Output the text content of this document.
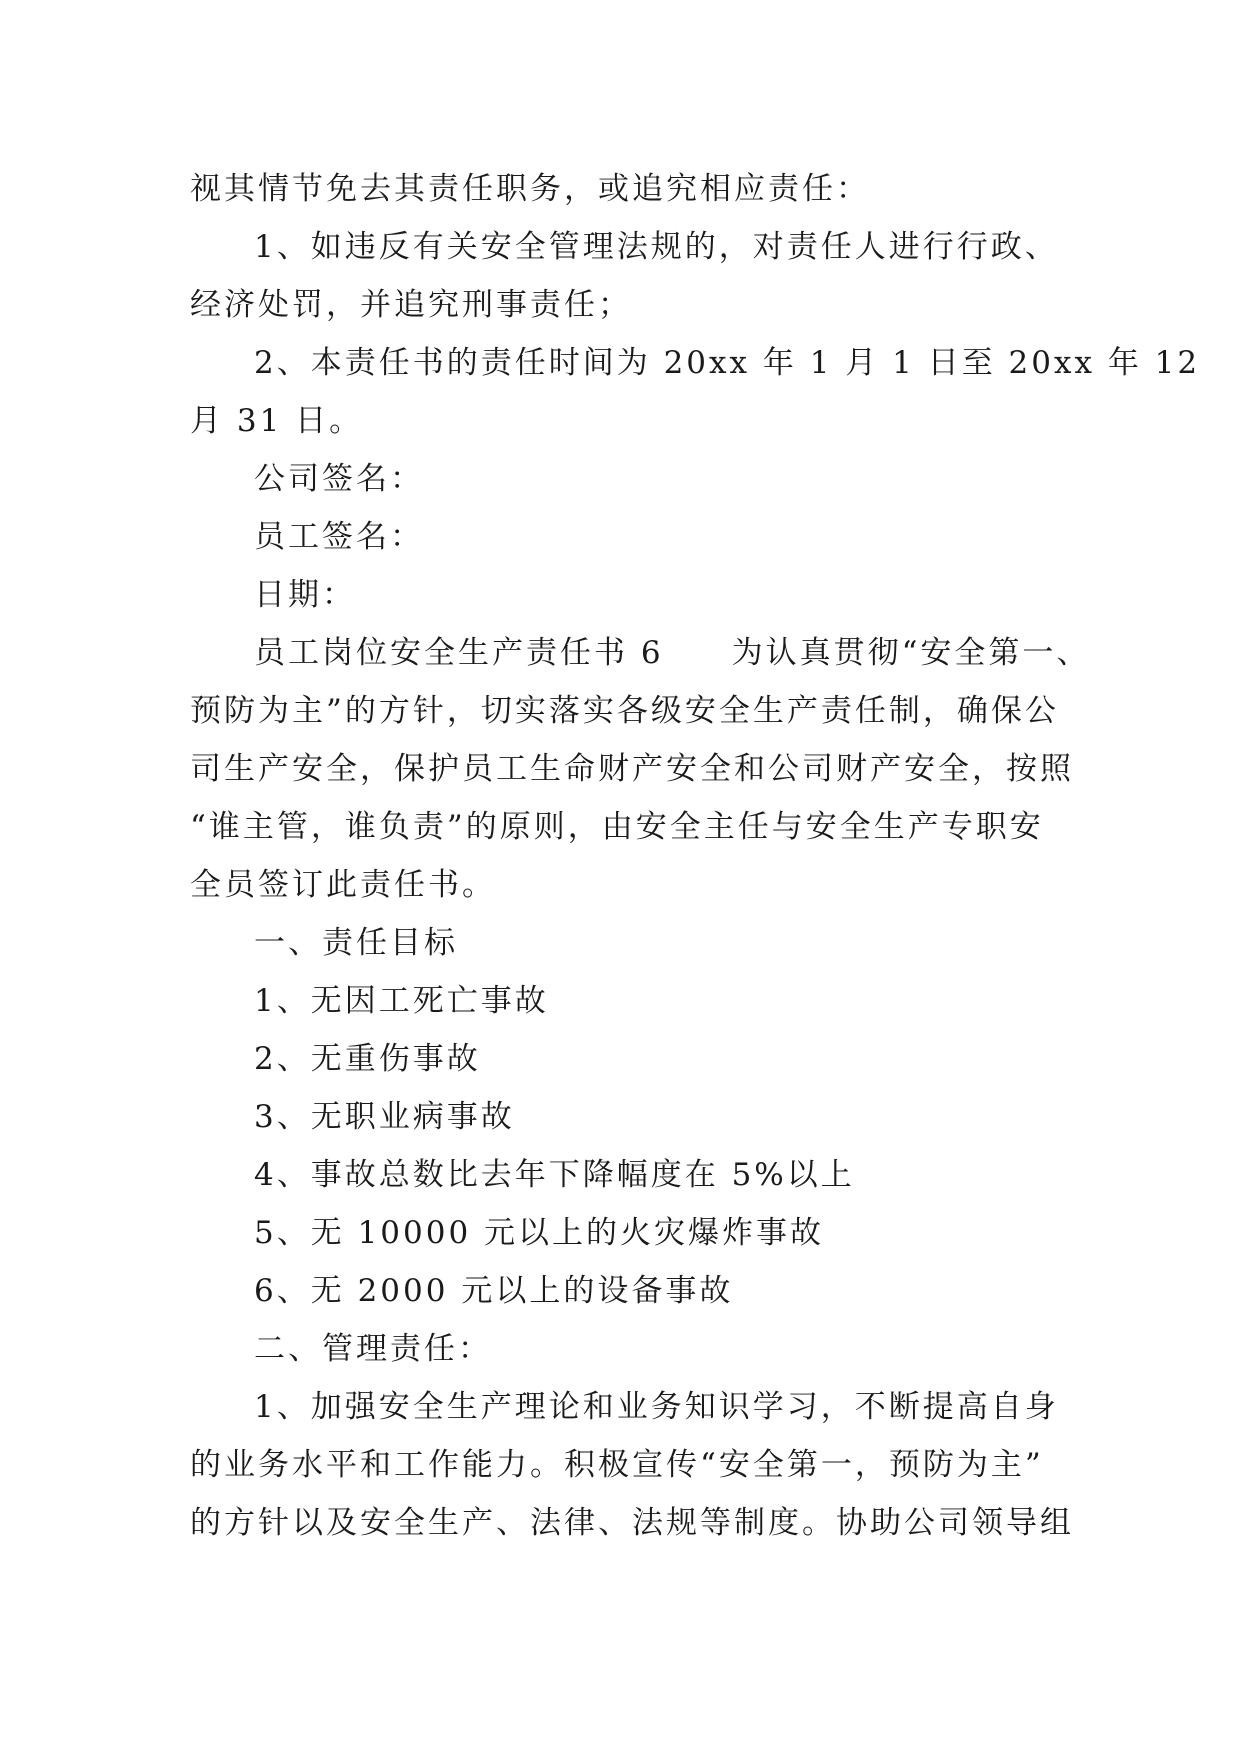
视其情节免去其责任职务，或追究相应责任：
1、如违反有关安全管理法规的，对责任人进行行政、
经济处罚，并追究刑事责任；
2、本责任书的责任时间为 20xx 年 1 月 1 日至 20xx 年 12
月 31 日。
公司签名：
员工签名：
日期：
员工岗位安全生产责任书 6　　为认真贯彻“安全第一、
预防为主”的方针，切实落实各级安全生产责任制，确保公
司生产安全，保护员工生命财产安全和公司财产安全，按照
“谁主管，谁负责”的原则，由安全主任与安全生产专职安
全员签订此责任书。
一、责任目标
1、无因工死亡事故
2、无重伤事故
3、无职业病事故
4、事故总数比去年下降幅度在 5%以上
5、无 10000 元以上的火灾爆炸事故
6、无 2000 元以上的设备事故
二、管理责任：
1、加强安全生产理论和业务知识学习，不断提高自身
的业务水平和工作能力。积极宣传“安全第一，预防为主”
的方针以及安全生产、法律、法规等制度。协助公司领导组
